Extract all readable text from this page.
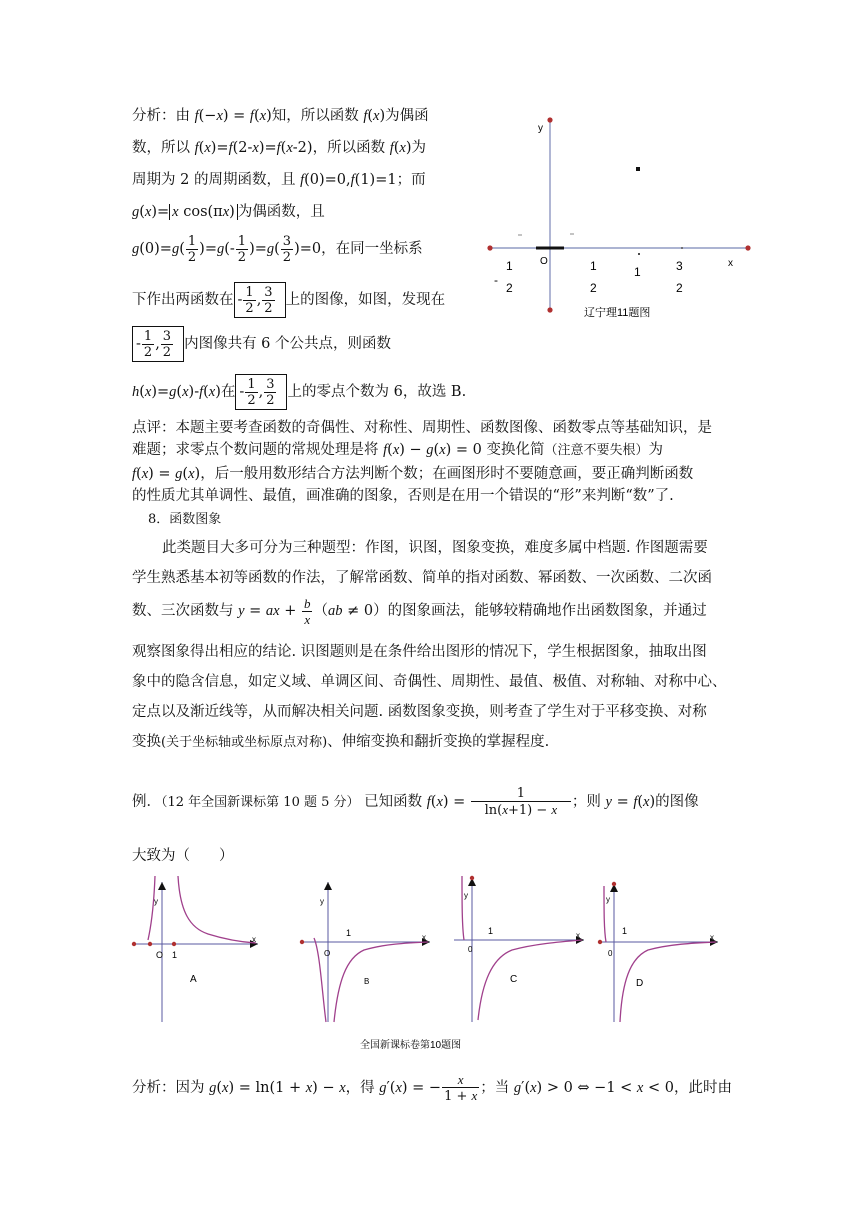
分析：由 f(−x) = f(x)知，所以函数 f(x)为偶函
数，所以 f(x)=f(2-x)=f(x-2)，所以函数 f(x)为
周期为 2 的周期函数，且 f(0)=0,f(1)=1；而
g(x)= x cos(πx) 为偶函数，且
$g(0)=g( \frac{1}{2} )=g(- \frac{1}{2} )=g( \frac{3}{2} )=0$，在同一坐标系
下作出两函数在 - $\frac{1}{2}$ , $\frac{3}{2}$ 上的图像，如图，发现在
- $\frac{1}{2}$ , $\frac{3}{2}$ 内图像共有 6 个公共点，则函数
h(x)=g(x)-f(x)在 - $\frac{1}{2}$ , $\frac{3}{2}$ 上的零点个数为 6，故选 B.
y
x
O
1
-
2
1
2
1	3
2
辽宁理11题图
点评：本题主要考查函数的奇偶性、对称性、周期性、函数图像、函数零点等基础知识，是
难题；求零点个数问题的常规处理是将 f(x) − g(x) = 0 变换化简（注意不要失根）为
f(x) = g(x)，后一般用数形结合方法判断个数；在画图形时不要随意画，要正确判断函数
的性质尤其单调性、最值，画准确的图象，否则是在用一个错误的“形”来判断“数”了.
8．函数图象
此类题目大多可分为三种题型：作图，识图，图象变换，难度多属中档题. 作图题需要
学生熟悉基本初等函数的作法，了解常函数、简单的指对函数、幂函数、一次函数、二次函
数、三次函数与 y = ax + $\frac{b}{x} (ab \ne 0)$的图象画法，能够较精确地作出函数图象，并通过
观察图象得出相应的结论. 识图题则是在条件给出图形的情况下，学生根据图象，抽取出图
象中的隐含信息，如定义域、单调区间、奇偶性、周期性、最值、极值、对称轴、对称中心、
定点以及渐近线等，从而解决相关问题. 函数图象变换，则考查了学生对于平移变换、对称
变换(关于坐标轴或坐标原点对称)、伸缩变换和翻折变换的掌握程度.
例．（12 年全国新课标第 10 题 5 分） 已知函数 $f(x) = \frac{1}{\ln(x+1) - x}$ ；则 y = f(x)的图像
大致为（　　）
y
x
O 1
A
y
x
O
1
B
y
x
0
1
C
y
x
0
1
D
全国新课标卷第10题图
分析：因为 g(x) = ln(1 + x) − x，得 g′(x) = − $\frac{x}{1 + x}$ ；当 g′(x) > 0 ⇔ −1 < x < 0，此时由
